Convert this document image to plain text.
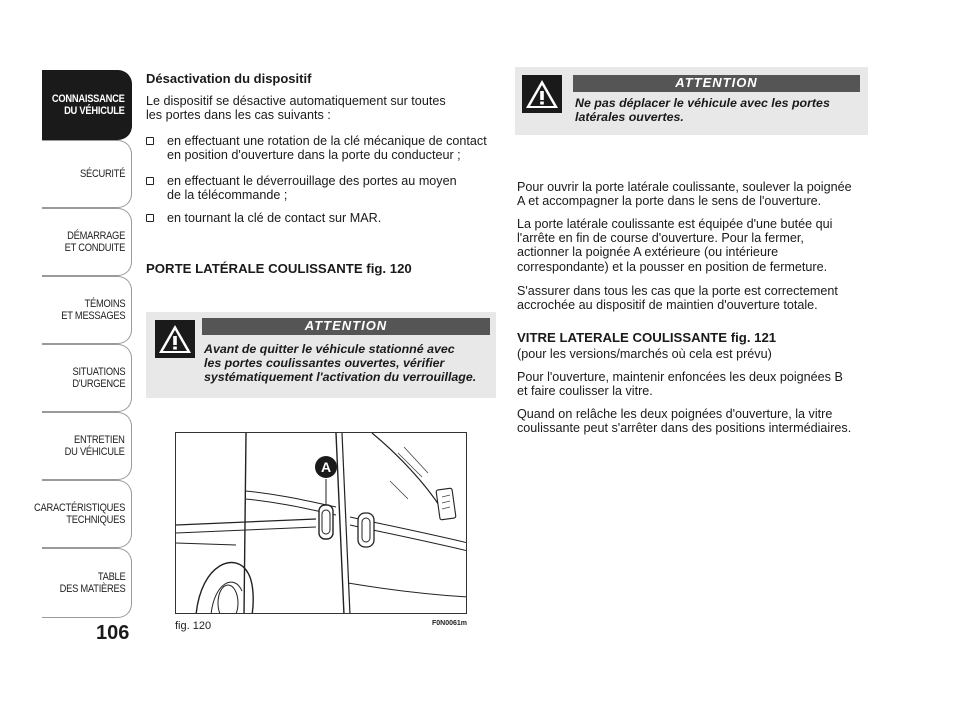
CONNAISSANCE
DU VÉHICULE
SÉCURITÉ
DÉMARRAGE
ET CONDUITE
TÉMOINS
ET MESSAGES
SITUATIONS
D'URGENCE
ENTRETIEN
DU VÉHICULE
CARACTÉRISTIQUES
TECHNIQUES
TABLE
DES MATIÈRES
106
Désactivation du dispositif
Le dispositif se désactive automatiquement sur toutes
les portes dans les cas suivants :
en effectuant une rotation de la clé mécanique de contact
en position d'ouverture dans la porte du conducteur ;
en effectuant le déverrouillage des portes au moyen
de la télécommande ;
en tournant la clé de contact sur MAR.
PORTE LATÉRALE COULISSANTE fig. 120
ATTENTION
Avant de quitter le véhicule stationné avec
les portes coulissantes ouvertes, vérifier
systématiquement l'activation du verrouillage.
A
fig. 120	F0N0061m
ATTENTION
Ne pas déplacer le véhicule avec les portes
latérales ouvertes.
Pour ouvrir la porte latérale coulissante, soulever la poignée
A et accompagner la porte dans le sens de l'ouverture.
La porte latérale coulissante est équipée d'une butée qui
l'arrête en fin de course d'ouverture. Pour la fermer,
actionner la poignée A extérieure (ou intérieure
correspondante) et la pousser en position de fermeture.
S'assurer dans tous les cas que la porte est correctement
accrochée au dispositif de maintien d'ouverture totale.
VITRE LATERALE COULISSANTE fig. 121
(pour les versions/marchés où cela est prévu)
Pour l'ouverture, maintenir enfoncées les deux poignées B
et faire coulisser la vitre.
Quand on relâche les deux poignées d'ouverture, la vitre
coulissante peut s'arrêter dans des positions intermédiaires.
